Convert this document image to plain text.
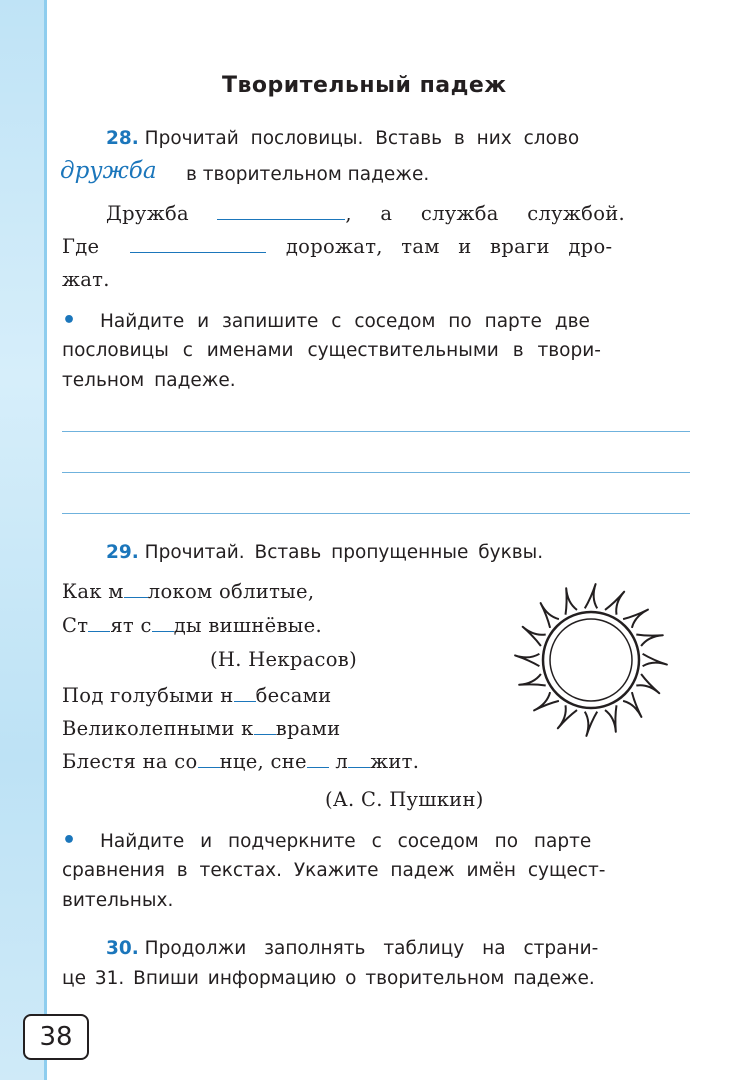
Творительный падеж
28. Прочитай пословицы. Вставь в них слово
дружба в творительном падеже.
Дружба	, а служба службой.
Где	дорожат, там и враги дро-
жат.
• Найдите и запишите с соседом по парте две
пословицы с именами существительными в твори-
тельном падеже.
29. Прочитай. Вставь пропущенные буквы.
Как м локом облитые,
Ст ят с ды вишнёвые.
(Н. Некрасов)
Под голубыми н бесами
Великолепными к врами
Блестя на со нце, сне л жит.
(А. С. Пушкин)
• Найдите и подчеркните с соседом по парте
сравнения в текстах. Укажите падеж имён сущест-
вительных.
30. Продолжи заполнять таблицу на страни-
це 31. Впиши информацию о творительном падеже.
38
